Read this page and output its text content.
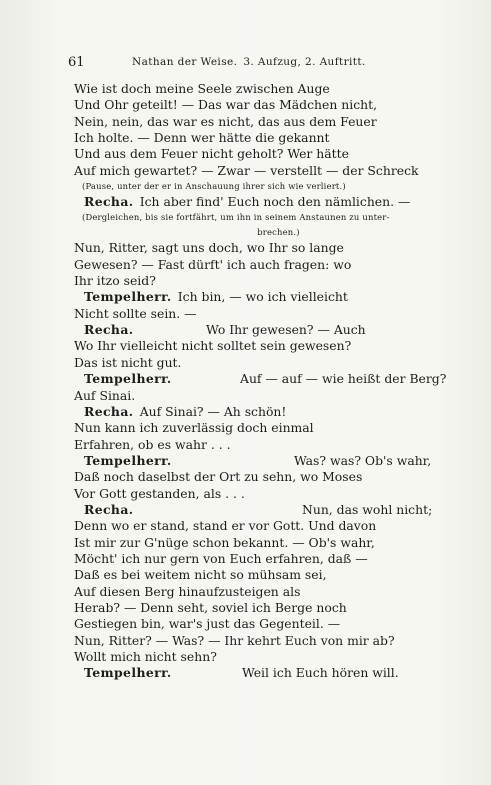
61	Nathan der Weise. 3. Aufzug, 2. Auftritt.
Wie ist doch meine Seele zwischen Auge
Und Ohr geteilt! — Das war das Mädchen nicht,
Nein, nein, das war es nicht, das aus dem Feuer
Ich holte. — Denn wer hätte die gekannt
Und aus dem Feuer nicht geholt? Wer hätte
Auf mich gewartet? — Zwar — verstellt — der Schreck
(Pause, unter der er in Anschauung ihrer sich wie verliert.)
Recha.  Ich aber find' Euch noch den nämlichen. —
(Dergleichen, bis sie fortfährt, um ihn in seinem Anstaunen zu unter-
brechen.)
Nun, Ritter, sagt uns doch, wo Ihr so lange
Gewesen? — Fast dürft' ich auch fragen: wo
Ihr itzo seid?
Tempelherr.  Ich bin, — wo ich vielleicht
Nicht sollte sein. —
Recha.	Wo Ihr gewesen? — Auch
Wo Ihr vielleicht nicht solltet sein gewesen?
Das ist nicht gut.
Tempelherr.	Auf — auf — wie heißt der Berg?
Auf Sinai.
Recha.  Auf Sinai? — Ah schön!
Nun kann ich zuverlässig doch einmal
Erfahren, ob es wahr . . .
Tempelherr.	Was? was? Ob's wahr,
Daß noch daselbst der Ort zu sehn, wo Moses
Vor Gott gestanden, als . . .
Recha.	Nun, das wohl nicht;
Denn wo er stand, stand er vor Gott. Und davon
Ist mir zur G'nüge schon bekannt. — Ob's wahr,
Möcht' ich nur gern von Euch erfahren, daß —
Daß es bei weitem nicht so mühsam sei,
Auf diesen Berg hinaufzusteigen als
Herab? — Denn seht, soviel ich Berge noch
Gestiegen bin, war's just das Gegenteil. —
Nun, Ritter? — Was? — Ihr kehrt Euch von mir ab?
Wollt mich nicht sehn?
Tempelherr.	Weil ich Euch hören will.
